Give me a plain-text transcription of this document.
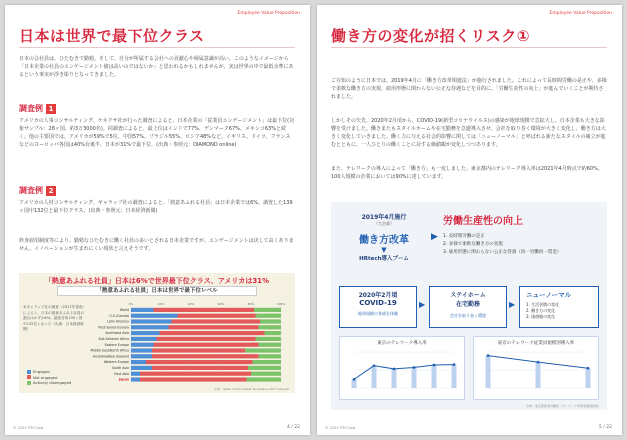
Employee Value Proposition
日本は世界で最下位クラス
日本の会社員は、ひたむきで勤勉。そして、自分が所属する会社への貢献心や帰属意識が高い。このようなイメージから「日本企業の社員のエンゲージメント値は高いのではないか」と思われるかもしれませんが、実は世界の中で最低水準にあるという事実が浮き彫りとなってきました。
調査例 1
アメリカの人事コンサルティング、ケネクサ社が行った調査によると、日本企業の「従業員エンゲージメント」は最下位(対象サンプル：28ヶ国、約3万3000名)。同調査によると、最上位はインドで77%、デンマーク67%、メキシコ63%と続く。他の主要国では、アメリカが59%で5位、中国57%、ブラジル55%、ロシア48%など。イギリス、ドイツ、フランスなどのヨーロッパ各国は40%台後半、日本が31%で最下位。(出典・参照元：DIAMOND online)
調査例 2
アメリカの人材コンサルティング、ギャラップ社の調査によると、「熱意あふれる社員」は日本企業では6%。調査した139ヶ国中132位と最下位クラス。(出典・参照元：日本経済新聞)
終身雇用制度等により、勤勉なひたむきに働く社員の多いとされる日本企業ですが、エンゲージメントは決して高くありません。イノベーションが生まれにくい現状と言えそうです。
「熱意あふれる社員」日本は6%で世界最下位クラス、アメリカは31%
「熱意あふれる社員」日本は世界で最下位レベル
米ギャラップ社の調査（2017年発表）によると、日本の熱意あふれる社員の割合はわずか6%。調査対象139ヶ国中132位となった（出典：日本経済新聞）
0%	20%	40%	60%	80%	100%
World
U.S./Canada
Latin America
Post-Soviet Eurasia
Southeast Asia
Sub-Saharan Africa
Eastern Europe
Middle East/North Africa
Australia/New Zealand
Western Europe
South Asia
East Asia
Japan
Engaged
Not engaged
Actively disengaged
出所：State of the Global Workplace 2017 GALLUP
© 2023 ITM Corp.	4 / 22
Employee Value Proposition
働き方の変化が招くリスク①
ご存知のように日本では、2019年4月に「働き方改革関連法」が施行されました。これによって長時間労働の是正や、多様で柔軟な働き方の実現、雇用形態に関わらない公正な待遇などを目的に、「労働生産性の向上」が進んでいくことが期待されました。
しかしその矢先、2020年2月頃から、COVID-19(新型コロナウイルス)の感染が地球規模で急拡大し、日本企業も大きな影響を受けました。働きまたもスタイルホームや在宅勤務を急遽導入させ、会社を取り巻く環境が大きく変化し、働き方は大きく変化していきました。働く力に与える社会的影響に関しては「ニューノーマル」と呼ばれる新たなスタイルの確立が進むとともに、一人ひとりの働くことに対する価値観が変化しつつあります。
また、テレワークの導入によって「働き方」も一変しました。東京都内のテレワーク導入率は2021年4月時点で約60%。100人規模の企業においては90%に達しています。
2019年4月施行
（大企業）
働き方改革
▼
HRtech導入ブーム
▶
労働生産性の向上
1. 長時間労働の是正
2. 多様で柔軟な働き方の実現
3. 雇用形態に関わらない公正な待遇（同一労働同一賃金）
2020年2月頃
COVID-19
地球規模の脅威を体験
▶
ステイホーム
在宅勤務
会社を取り巻く環境
▶
ニューノーマル
1. 生活習慣の変化
2. 働き方の変化
3. 価値観の変化
東京のテレワーク導入率	東京のテレワーク従業員規模別導入率
出典：東京都産業労働局（テレワーク実施率調査結果）
© 2023 ITM Corp.	5 / 22
